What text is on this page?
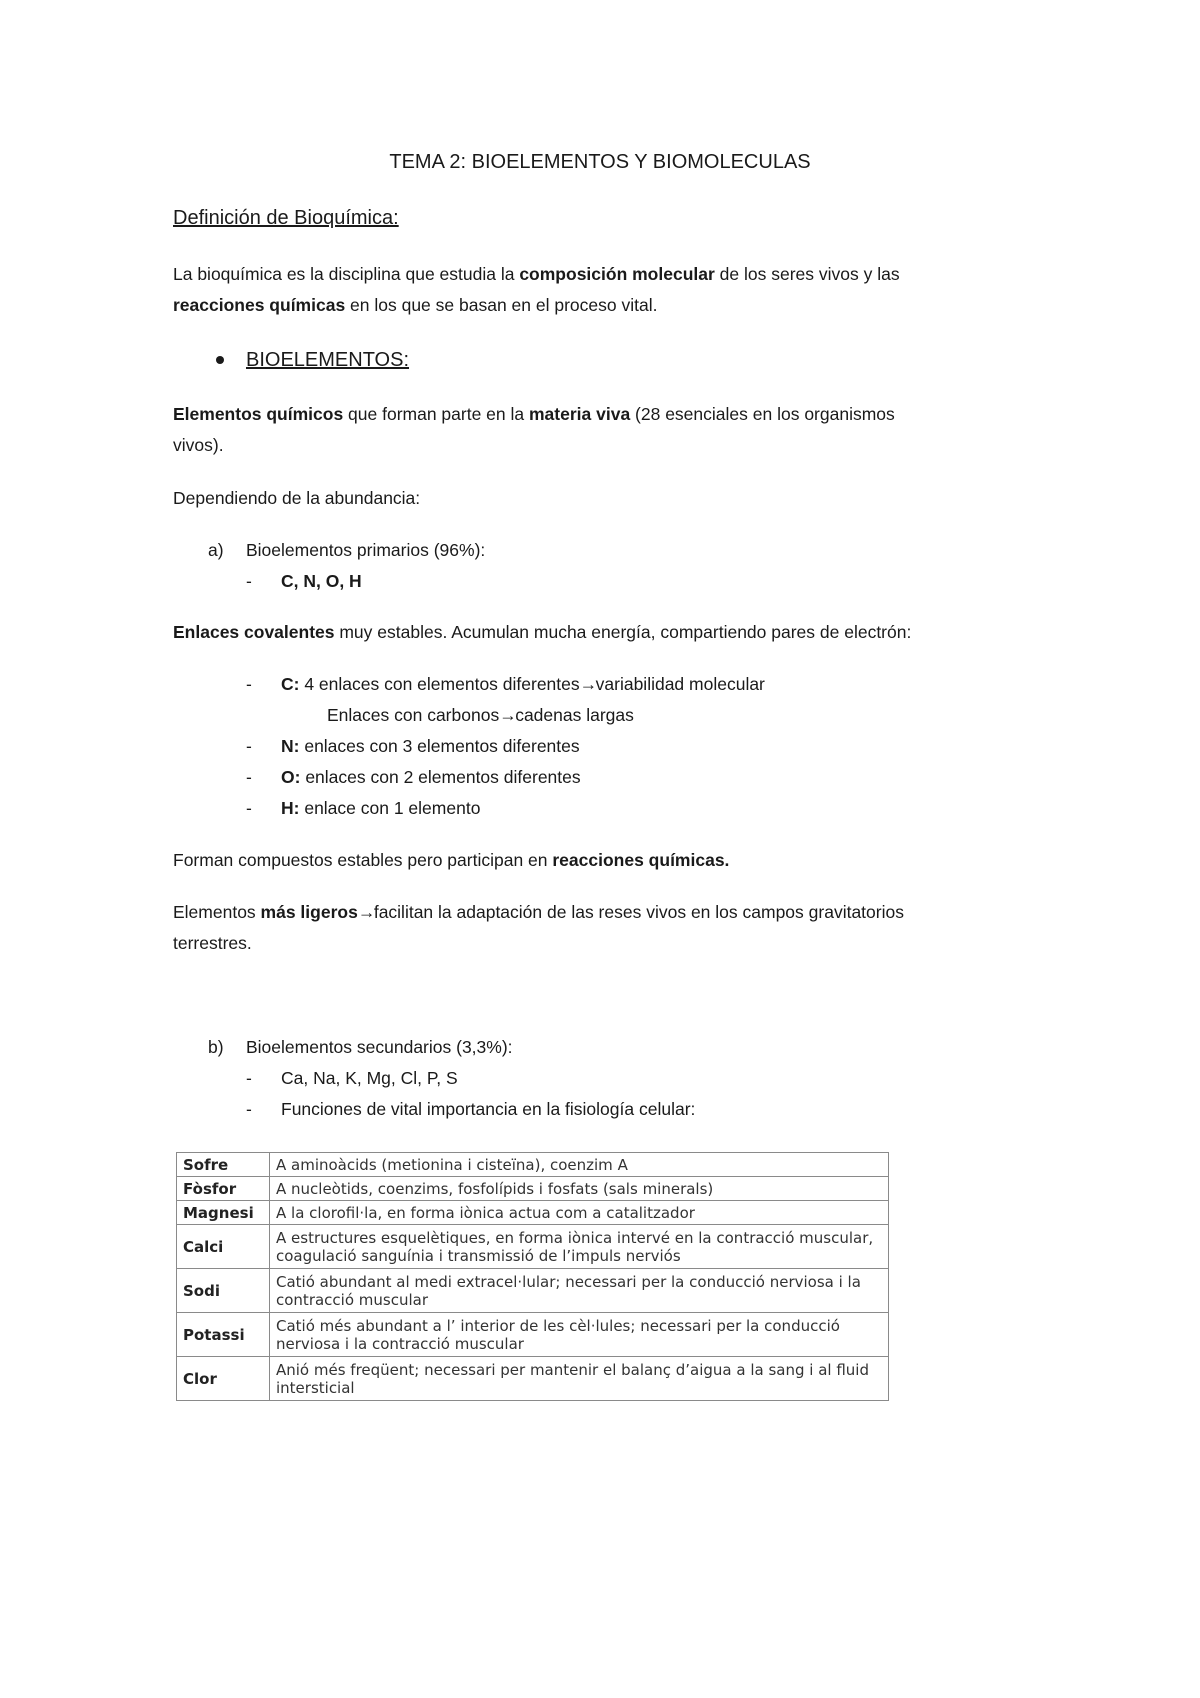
TEMA 2: BIOELEMENTOS Y BIOMOLECULAS
Definición de Bioquímica:
La bioquímica es la disciplina que estudia la composición molecular de los seres vivos y las
reacciones químicas en los que se basan en el proceso vital.
BIOELEMENTOS:
Elementos químicos que forman parte en la materia viva (28 esenciales en los organismos
vivos).
Dependiendo de la abundancia:
a) Bioelementos primarios (96%):
- C, N, O, H
Enlaces covalentes muy estables. Acumulan mucha energía, compartiendo pares de electrón:
- C: 4 enlaces con elementos diferentes→variabilidad molecular
Enlaces con carbonos→cadenas largas
- N: enlaces con 3 elementos diferentes
- O: enlaces con 2 elementos diferentes
- H: enlace con 1 elemento
Forman compuestos estables pero participan en reacciones químicas.
Elementos más ligeros→facilitan la adaptación de las reses vivos en los campos gravitatorios
terrestres.
b) Bioelementos secundarios (3,3%):
- Ca, Na, K, Mg, Cl, P, S
- Funciones de vital importancia en la fisiología celular:
Sofre	A aminoàcids (metionina i cisteïna), coenzim A
Fòsfor	A nucleòtids, coenzims, fosfolípids i fosfats (sals minerals)
Magnesi	A la clorofil·la, en forma iònica actua com a catalitzador
Calci	A estructures esquelètiques, en forma iònica intervé en la contracció muscular, coagulació sanguínia i transmissió de l’impuls nerviós
Sodi	Catió abundant al medi extracel·lular; necessari per la conducció nerviosa i la contracció muscular
Potassi	Catió més abundant a l’ interior de les cèl·lules; necessari per la conducció nerviosa i la contracció muscular
Clor	Anió més freqüent; necessari per mantenir el balanç d’aigua a la sang i al fluid intersticial
